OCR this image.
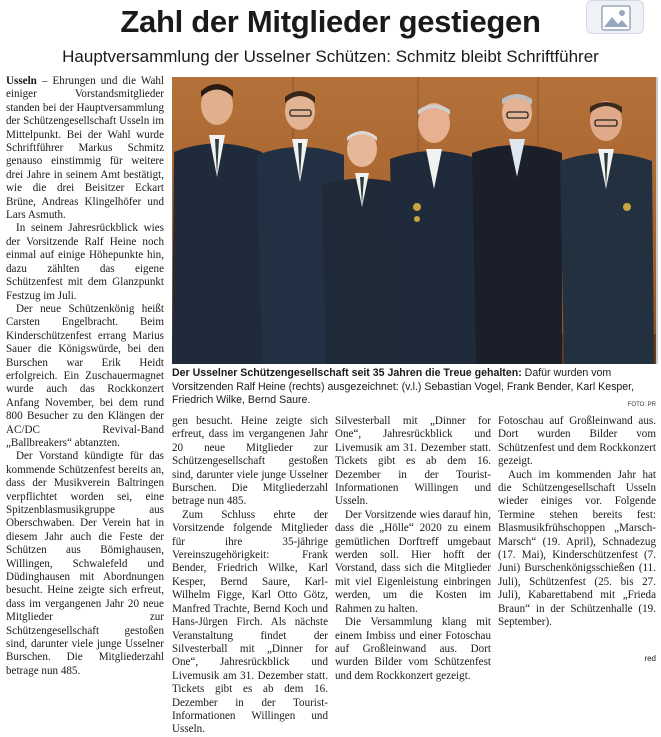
Zahl der Mitglieder gestiegen
Hauptversammlung der Usselner Schützen: Schmitz bleibt Schriftführer

Der Usselner Schützengesellschaft seit 35 Jahren die Treue gehalten: Dafür wurden vom Vorsitzenden Ralf Heine (rechts) ausgezeichnet: (v.l.) Sebastian Vogel, Frank Bender, Karl Kesper, Friedrich Wilke, Bernd Saure.	FOTO: PR

Usseln – Ehrungen und die Wahl einiger Vorstandsmitglieder standen bei der Hauptversammlung der Schützengesellschaft Usseln im Mittelpunkt. Bei der Wahl wurde Schriftführer Markus Schmitz genauso einstimmig für weitere drei Jahre in seinem Amt bestätigt, wie die drei Beisitzer Eckart Brüne, Andreas Klingelhöfer und Lars Asmuth.

In seinem Jahresrückblick wies der Vorsitzende Ralf Heine noch einmal auf einige Höhepunkte hin, dazu zählten das eigene Schützenfest mit dem Glanzpunkt Festzug im Juli.

Der neue Schützenkönig heißt Carsten Engelbracht. Beim Kinderschützenfest errang Marius Sauer die Königswürde, bei den Burschen war Erik Heidt erfolgreich. Ein Zuschauermagnet wurde auch das Rockkonzert Anfang November, bei dem rund 800 Besucher zu den Klängen der AC/DC Revival-Band „Ballbreakers“ abtanzten.

Der Vorstand kündigte für das kommende Schützenfest bereits an, dass der Musikverein Baltringen verpflichtet worden sei, eine Spitzenblasmusikgruppe aus Oberschwaben. Der Verein hat in diesem Jahr auch die Feste der Schützen aus Bömighausen, Willingen, Schwalefeld und Düdinghausen mit Abordnungen besucht. Heine zeigte sich erfreut, dass im vergangenen Jahr 20 neue Mitglieder zur Schützengesellschaft gestoßen sind, darunter viele junge Usselner Burschen. Die Mitgliederzahl betrage nun 485.

gen besucht. Heine zeigte sich erfreut, dass im vergangenen Jahr 20 neue Mitglieder zur Schützengesellschaft gestoßen sind, darunter viele junge Usselner Burschen. Die Mitgliederzahl betrage nun 485.

Zum Schluss ehrte der Vorsitzende folgende Mitglieder für ihre 35-jährige Vereinszugehörigkeit: Frank Bender, Friedrich Wilke, Karl Kesper, Bernd Saure, Karl-Wilhelm Figge, Karl Otto Götz, Manfred Trachte, Bernd Koch und Hans-Jürgen Firch. Als nächste Veranstaltung findet der Silvesterball mit „Dinner for One“, Jahresrückblick und Livemusik am 31. Dezember statt. Tickets gibt es ab dem 16. Dezember in der Tourist-Informationen Willingen und Usseln.

Silvesterball mit „Dinner for One“, Jahresrückblick und Livemusik am 31. Dezember statt. Tickets gibt es ab dem 16. Dezember in der Tourist-Informationen Willingen und Usseln.

Der Vorsitzende wies darauf hin, dass die „Hölle“ 2020 zu einem gemütlichen Dorftreff umgebaut werden soll. Hier hofft der Vorstand, dass sich die Mitglieder mit viel Eigenleistung einbringen werden, um die Kosten im Rahmen zu halten.

Die Versammlung klang mit einem Imbiss und einer Fotoschau auf Großleinwand aus. Dort wurden Bilder vom Schützenfest und dem Rockkonzert gezeigt.

Fotoschau auf Großleinwand aus. Dort wurden Bilder vom Schützenfest und dem Rockkonzert gezeigt.

Auch im kommenden Jahr hat die Schützengesellschaft Usseln wieder einiges vor. Folgende Termine stehen bereits fest: Blasmusikfrühschoppen „Marsch-Marsch“ (19. April), Schnadezug (17. Mai), Kinderschützenfest (7. Juni) Burschenkönigsschießen (11. Juli), Schützenfest (25. bis 27. Juli), Kabarettabend mit „Frieda Braun“ in der Schützenhalle (19. September).

red
